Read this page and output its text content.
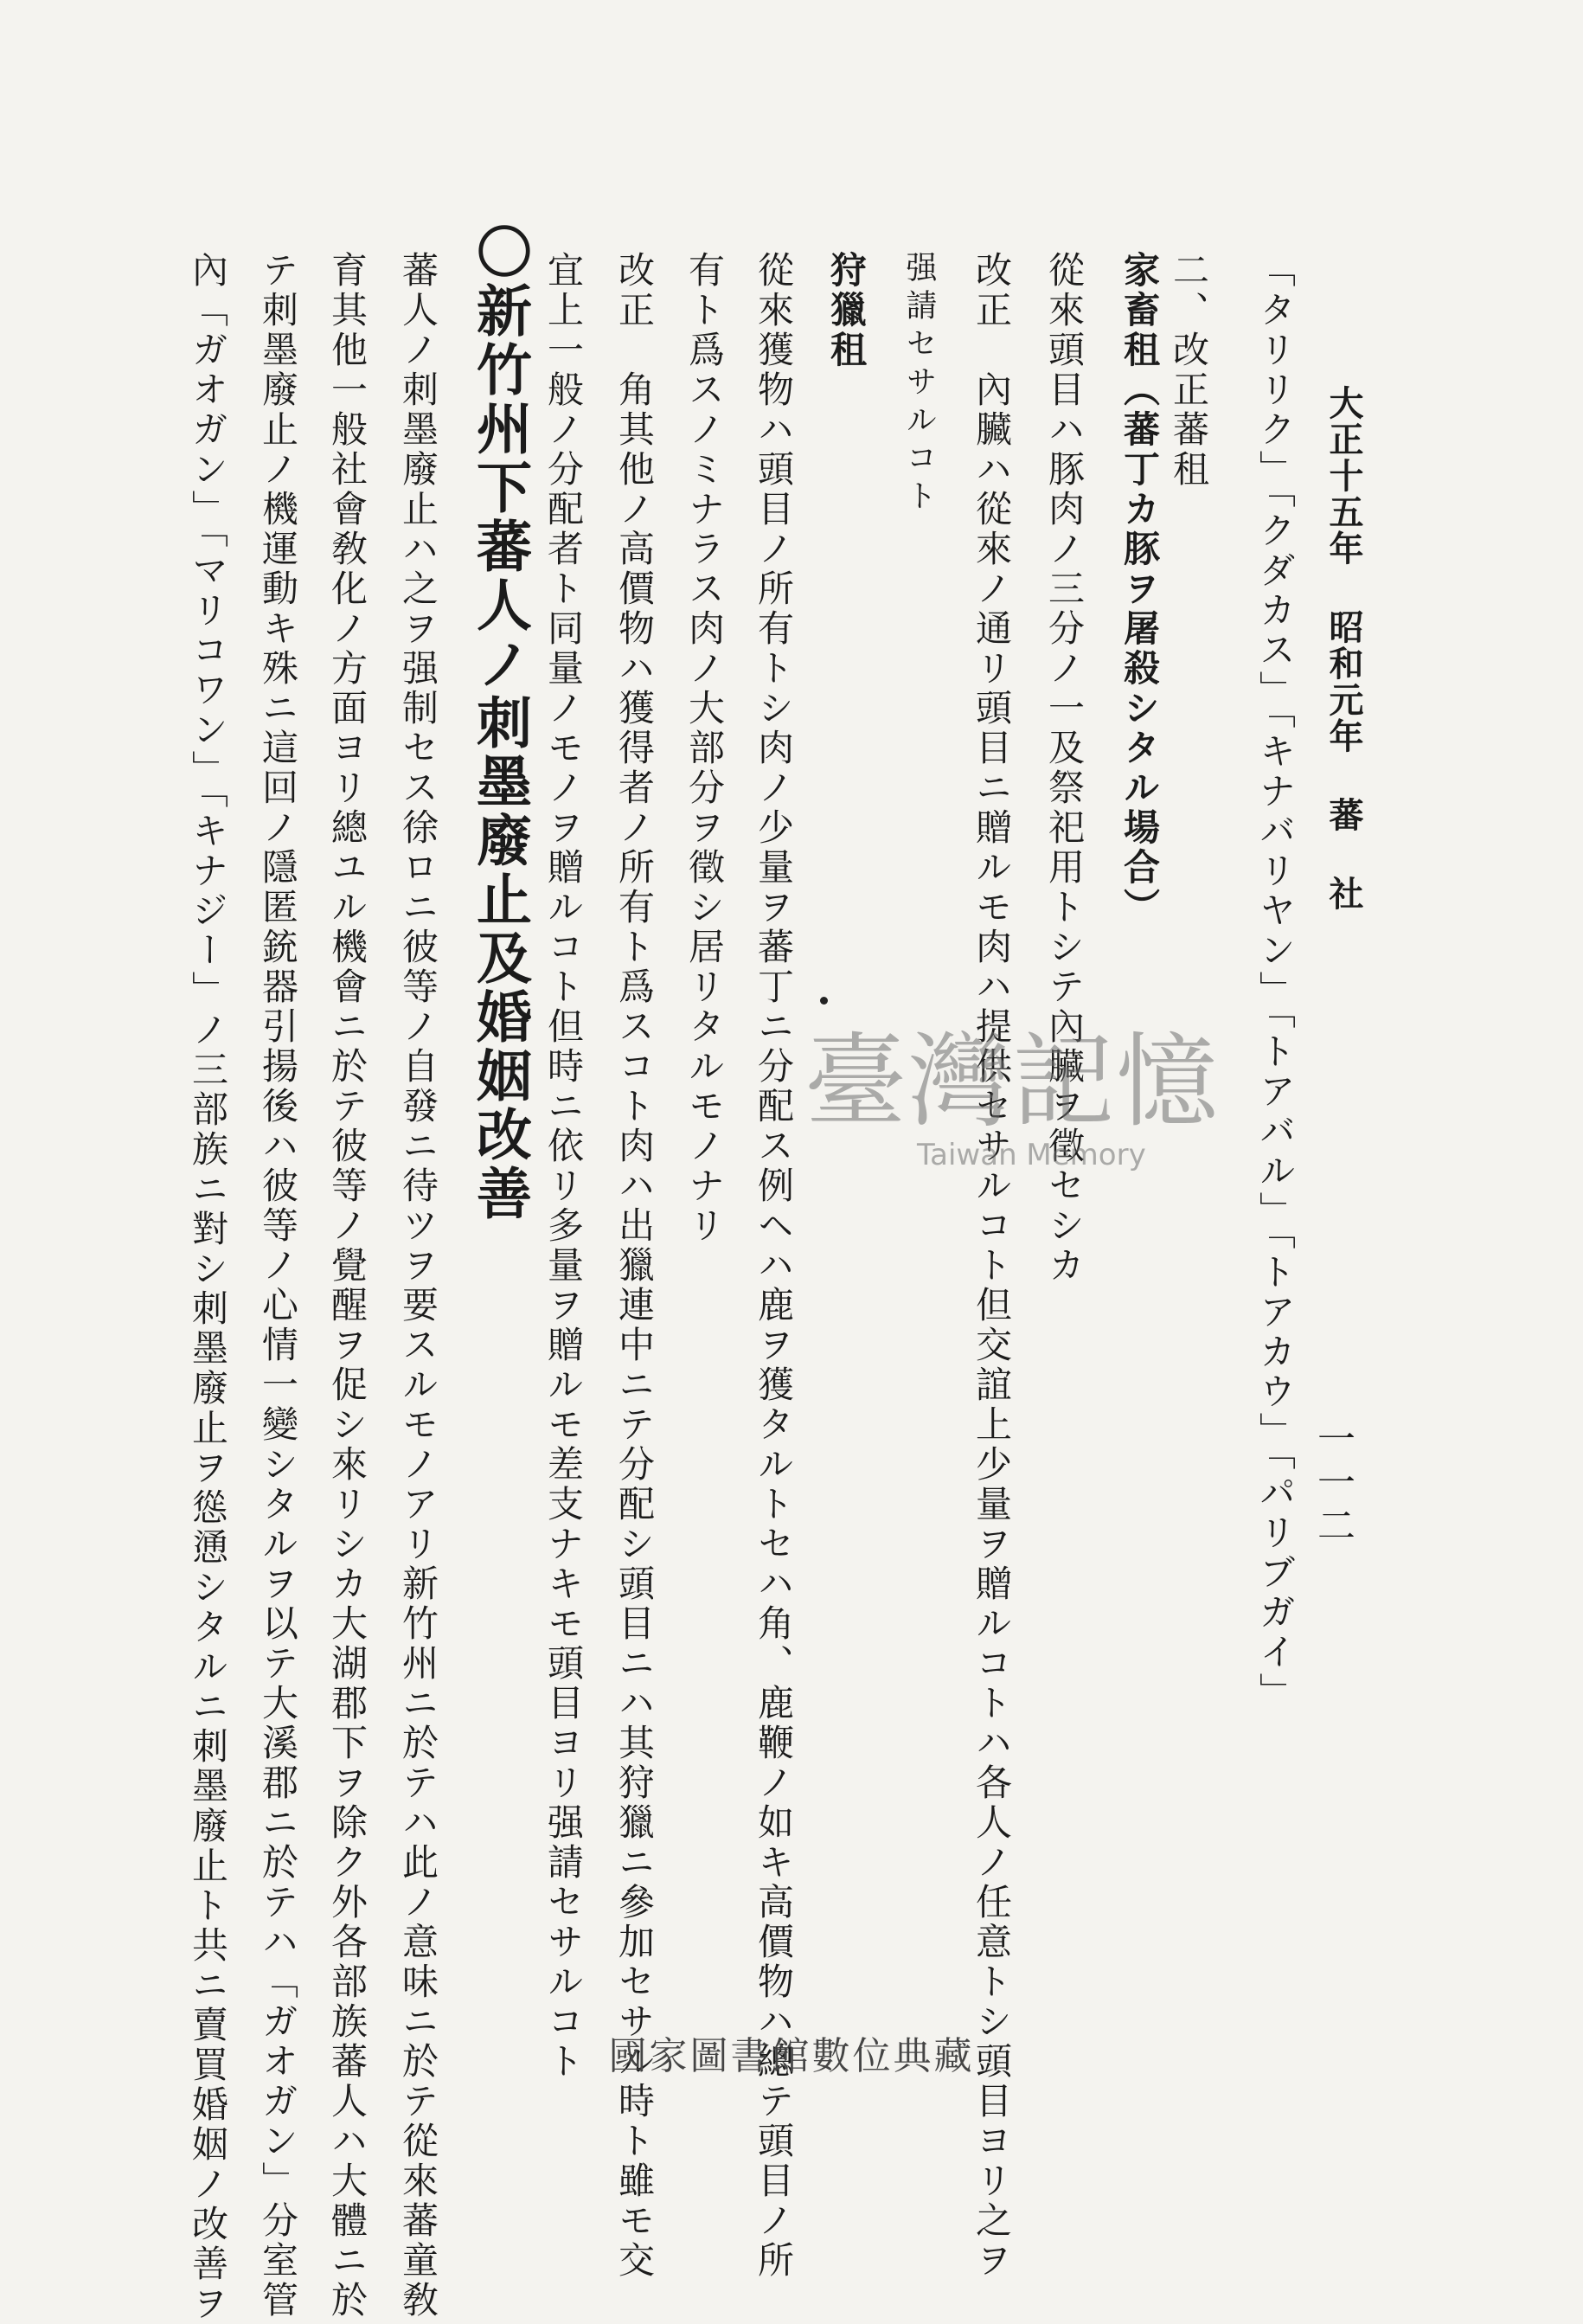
大正十五年 昭和元年 蕃 社
一一二
「タリリク」「クダカス」「キナバリヤン」「トアバル」「トアカウ」「パリブガイ」
二、改正蕃租
家畜租（蕃丁カ豚ヲ屠殺シタル場合）
從來頭目ハ豚肉ノ三分ノ一及祭祀用トシテ內臟ヲ徵セシカ
改正　內臟ハ從來ノ通リ頭目ニ贈ルモ肉ハ提供セサルコト但交誼上少量ヲ贈ルコトハ各人ノ任意トシ頭目ヨリ之ヲ
强請セサルコト
狩獵租
從來獲物ハ頭目ノ所有トシ肉ノ少量ヲ蕃丁ニ分配ス例ヘハ鹿ヲ獲タルトセハ角、鹿鞭ノ如キ高價物ハ總テ頭目ノ所
有ト爲スノミナラス肉ノ大部分ヲ徵シ居リタルモノナリ
改正　角其他ノ高價物ハ獲得者ノ所有ト爲スコト肉ハ出獵連中ニテ分配シ頭目ニハ其狩獵ニ參加セサル時ト雖モ交
宜上一般ノ分配者ト同量ノモノヲ贈ルコト但時ニ依リ多量ヲ贈ルモ差支ナキモ頭目ヨリ强請セサルコト
〇新竹州下蕃人ノ刺墨廢止及婚姻改善
蕃人ノ刺墨廢止ハ之ヲ强制セス徐ロニ彼等ノ自發ニ待ツヲ要スルモノアリ新竹州ニ於テハ此ノ意味ニ於テ從來蕃童敎
育其他一般社會敎化ノ方面ヨリ總ユル機會ニ於テ彼等ノ覺醒ヲ促シ來リシカ大湖郡下ヲ除ク外各部族蕃人ハ大體ニ於
テ刺墨廢止ノ機運動キ殊ニ這回ノ隱匿銃器引揚後ハ彼等ノ心情一變シタルヲ以テ大溪郡ニ於テハ「ガオガン」分室管
內「ガオガン」「マリコワン」「キナジー」ノ三部族ニ對シ刺墨廢止ヲ慫慂シタルニ刺墨廢止ト共ニ賣買婚姻ノ改善ヲ	臺灣記憶
Taiwan Memory
國家圖書館數位典藏
